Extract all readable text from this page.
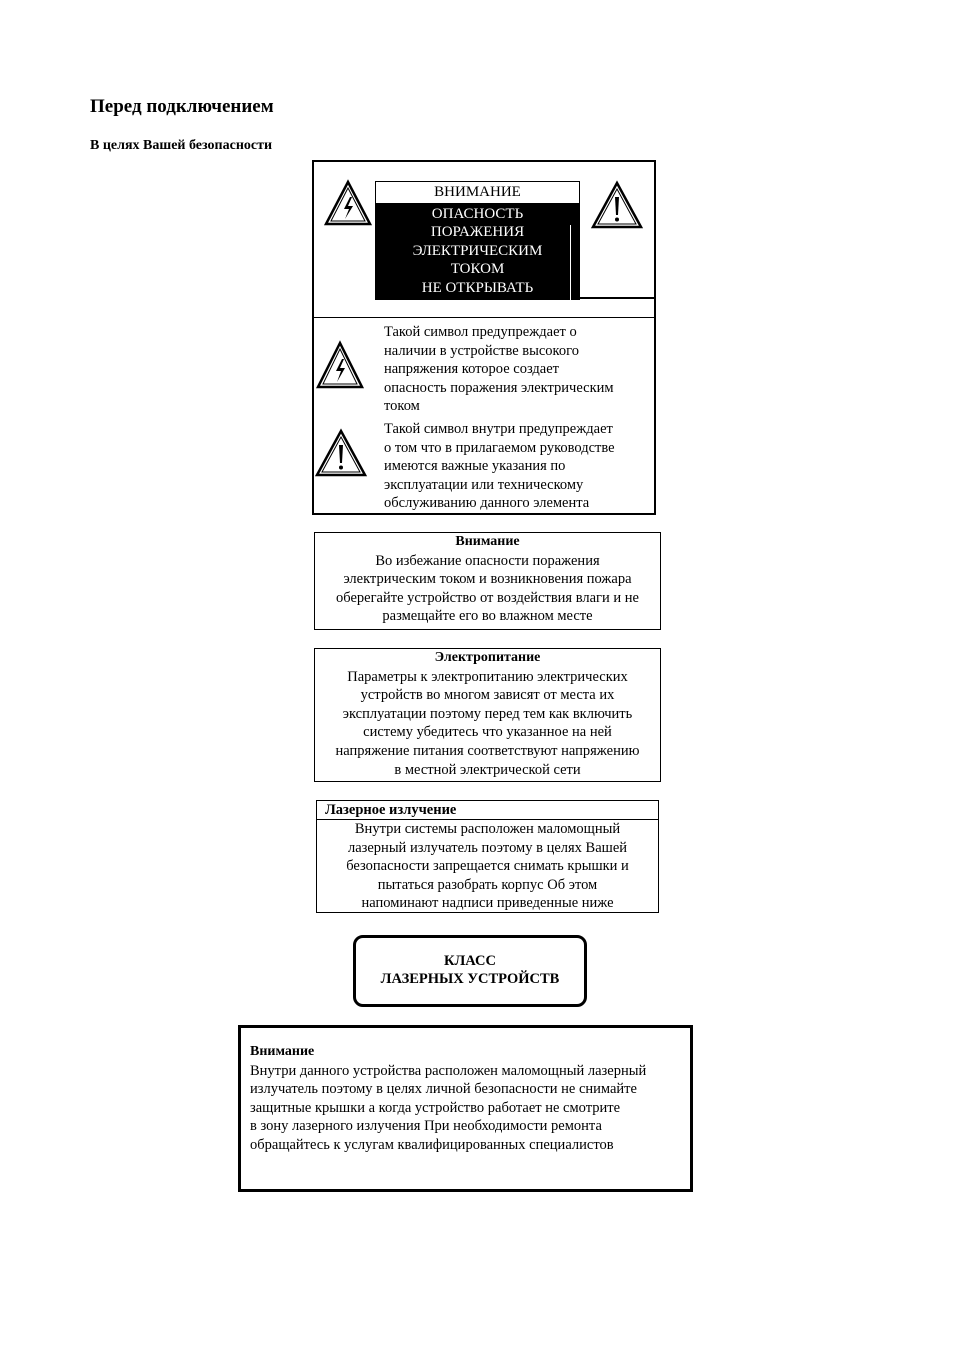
Перед подключением
В целях Вашей безопасности
ВНИМАНИЕ
ОПАСНОСТЬ
ПОРАЖЕНИЯ
ЭЛЕКТРИЧЕСКИМ
ТОКОМ
НЕ ОТКРЫВАТЬ
Такой символ предупреждает о
наличии в устройстве высокого
напряжения которое создает
опасность поражения электрическим
током
Такой символ внутри предупреждает
о том что в прилагаемом руководстве
имеются важные указания по
эксплуатации или техническому
обслуживанию данного элемента
Внимание
Во избежание опасности поражения
электрическим током и возникновения пожара
оберегайте устройство от воздействия влаги и не
размещайте его во влажном месте
Электропитание
Параметры к электропитанию электрических
устройств во многом зависят от места их
эксплуатации поэтому перед тем как включить
систему убедитесь что указанное на ней
напряжение питания соответствуют напряжению
в местной электрической сети
Лазерное излучение
Внутри системы расположен маломощный
лазерный излучатель поэтому в целях Вашей
безопасности запрещается снимать крышки и
пытаться разобрать корпус Об этом
напоминают надписи приведенные ниже
КЛАСС
ЛАЗЕРНЫХ УСТРОЙСТВ
Внимание
Внутри данного устройства расположен маломощный лазерный
излучатель поэтому в целях личной безопасности не снимайте
защитные крышки а когда устройство работает не смотрите
в зону лазерного излучения При необходимости ремонта
обращайтесь к услугам квалифицированных специалистов
